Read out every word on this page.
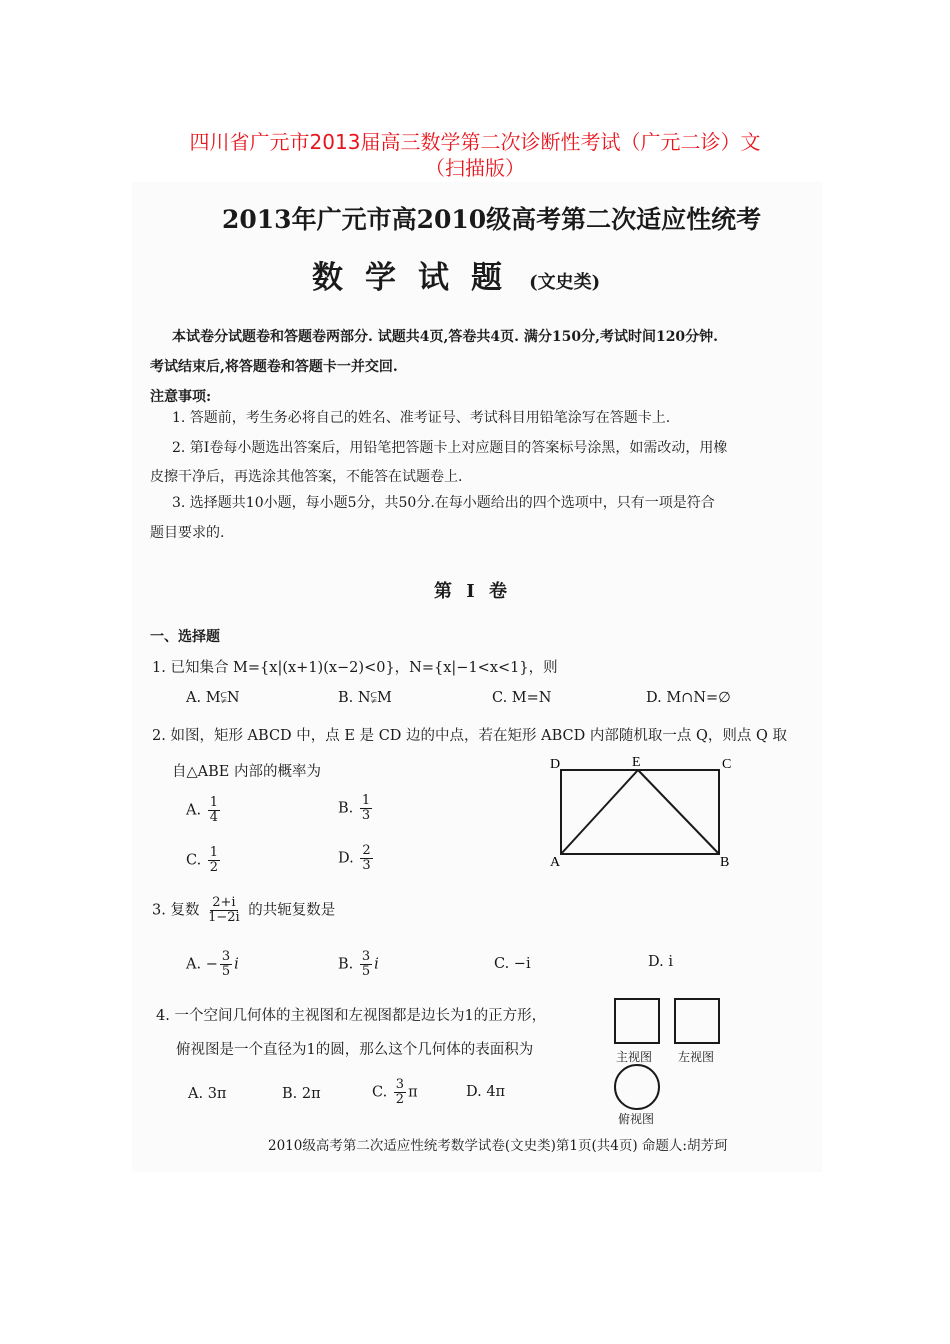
四川省广元市2013届高三数学第二次诊断性考试（广元二诊）文
（扫描版）
2013年广元市高2010级高考第二次适应性统考
数学试题 (文史类)
本试卷分试题卷和答题卷两部分. 试题共4页,答卷共4页. 满分150分,考试时间120分钟.
考试结束后,将答题卷和答题卡一并交回.
注意事项:
1. 答题前，考生务必将自己的姓名、准考证号、考试科目用铅笔涂写在答题卡上.
2. 第Ⅰ卷每小题选出答案后，用铅笔把答题卡上对应题目的答案标号涂黑，如需改动，用橡
皮擦干净后，再选涂其他答案，不能答在试题卷上.
3. 选择题共10小题，每小题5分，共50分.在每小题给出的四个选项中，只有一项是符合
题目要求的.
第 Ⅰ 卷
一、选择题
1. 已知集合 M={x|(x+1)(x−2)<0}，N={x|−1<x<1}，则
A. M⫋N	B. N⫋M	C. M=N	D. M∩N=∅
2. 如图，矩形 ABCD 中，点 E 是 CD 边的中点，若在矩形 ABCD 内部随机取一点 Q，则点 Q 取
自△ABE 内部的概率为
A. $\frac{1}{4}$	B. $\frac{1}{3}$
C. $\frac{1}{2}$	D. $\frac{2}{3}$
D	E	C
A	B
3. 复数 $\frac{2+i}{1-2i}$ 的共轭复数是
A. − $\frac{3}{5}$ i	B. $\frac{3}{5}$ i	C. −i	D. i
4. 一个空间几何体的主视图和左视图都是边长为1的正方形，
俯视图是一个直径为1的圆，那么这个几何体的表面积为
A. 3π	B. 2π	C. $\frac{3}{2}$ π	D. 4π
主视图 左视图
俯视图
2010级高考第二次适应性统考数学试卷(文史类)第1页(共4页) 命题人:胡芳珂
